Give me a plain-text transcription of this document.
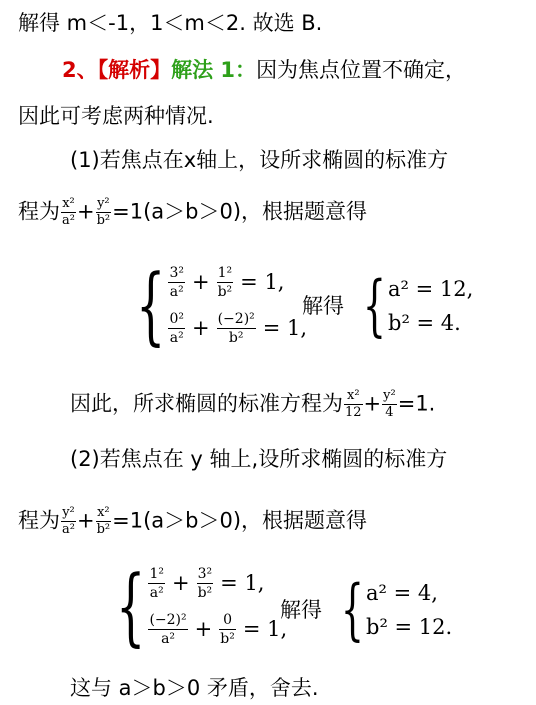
解得 m＜-1，1＜m＜2. 故选 B.
2、【解析】解法 1：因为焦点位置不确定，
因此可考虑两种情况.
(1)若焦点在x轴上，设所求椭圆的标准方
程为 $\frac{\text{x²}}{\text{a²}} + \frac{\text{y²}}{\text{b²}} =1(a>b>0)$，根据题意得
{ $\frac{\text{3²}}{\text{a²}} + \frac{\text{1²}}{\text{b²}} = 1$,
$\frac{\text{0²}}{\text{a²}} + \frac{\text{(−2)²}}{\text{b²}} = 1$,
解得 { a² = 12,
b² = 4.
因此，所求椭圆的标准方程为 $\frac{\text{x²}}{12} + \frac{\text{y²}}{4} =1$.
(2)若焦点在 y 轴上,设所求椭圆的标准方
程为 $\frac{\text{y²}}{\text{a²}} + \frac{\text{x²}}{\text{b²}} =1(a>b>0)$，根据题意得
{ $\frac{\text{1²}}{\text{a²}} + \frac{\text{3²}}{\text{b²}} = 1$,
$\frac{\text{(−2)²}}{\text{a²}} + \frac{0}{\text{b²}} = 1$,
解得 { a² = 4,
b² = 12.
这与 a＞b＞0 矛盾，舍去.
